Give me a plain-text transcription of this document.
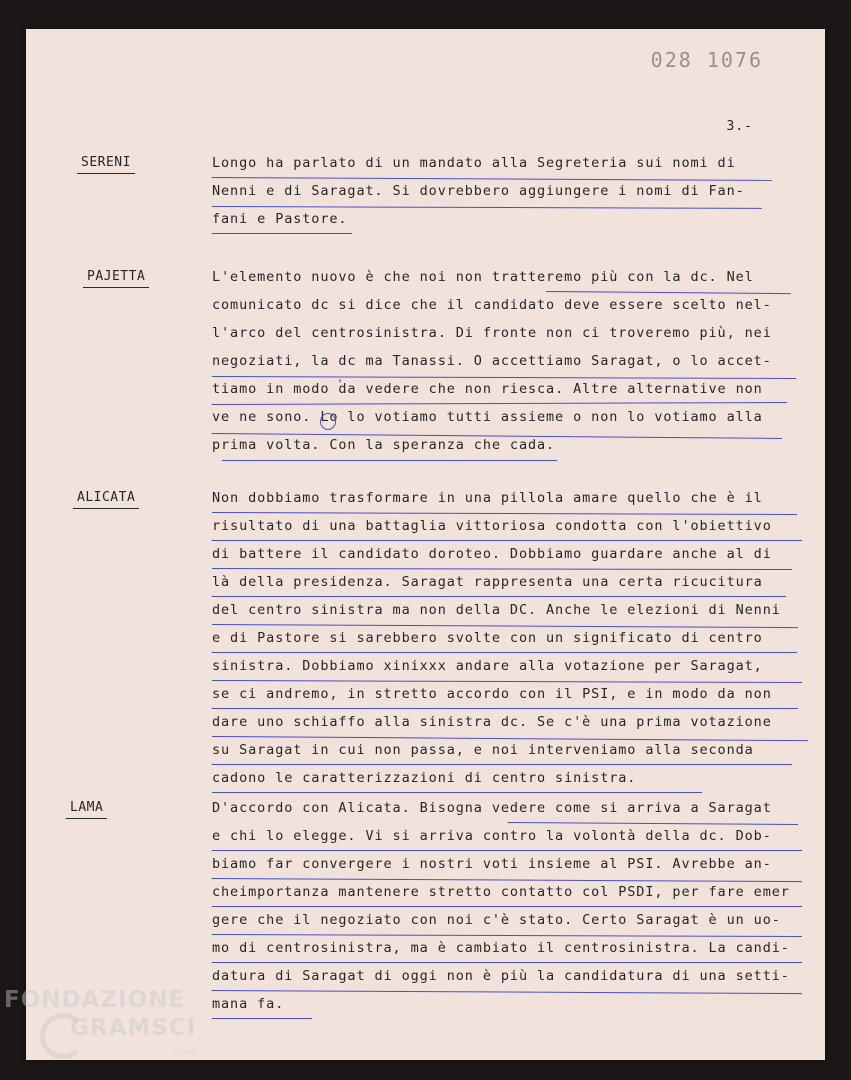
028 1076
3.-
SERENI	Longo ha parlato di un mandato alla Segreteria sui nomi di
Nenni e di Saragat. Si dovrebbero aggiungere i nomi di Fan-
fani e Pastore.
PAJETTA	L'elemento nuovo è che noi non tratteremo più con la dc. Nel
comunicato dc si dice che il candidato deve essere scelto nel-
l'arco del centrosinistra. Di fronte non ci troveremo più, nei
negoziati, la dc ma Tanassi. O accettiamo Saragat, o lo accet-
tiamo in modo da vedere che non riesca. Altre alternative non
ve ne sono. Lo lo votiamo tutti assieme o non lo votiamo alla
prima volta. Con la speranza che cada.
,
ALICATA	Non dobbiamo trasformare in una pillola amare quello che è il
risultato di una battaglia vittoriosa condotta con l'obiettivo
di battere il candidato doroteo. Dobbiamo guardare anche al di
là della presidenza. Saragat rappresenta una certa ricucitura
del centro sinistra ma non della DC. Anche le elezioni di Nenni
e di Pastore si sarebbero svolte con un significato di centro
sinistra. Dobbiamo xinixxx andare alla votazione per Saragat,
se ci andremo, in stretto accordo con il PSI, e in modo da non
dare uno schiaffo alla sinistra dc. Se c'è una prima votazione
su Saragat in cui non passa, e noi interveniamo alla seconda
cadono le caratterizzazioni di centro sinistra.
LAMA	D'accordo con Alicata. Bisogna vedere come si arriva a Saragat
e chi lo elegge. Vi si arriva contro la volontà della dc. Dob-
biamo far convergere i nostri voti insieme al PSI. Avrebbe an-
cheimportanza mantenere stretto contatto col PSDI, per fare emer
gere che il negoziato con noi c'è stato. Certo Saragat è un uo-
mo di centrosinistra, ma è cambiato il centrosinistra. La candi-
datura di Saragat di oggi non è più la candidatura di una setti-
mana fa.
FONDAZIONE
GRAMSCI
onlus
